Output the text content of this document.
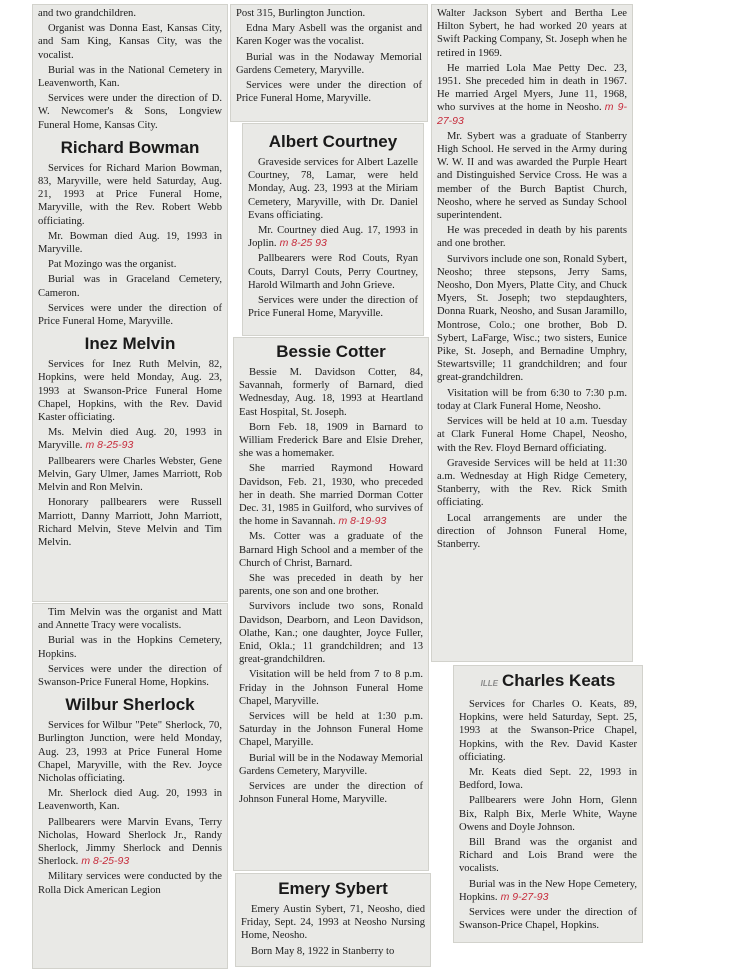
and two grandchildren.

Organist was Donna East, Kansas City, and Sam King, Kansas City, was the vocalist.

Burial was in the National Cemetery in Leavenworth, Kan.

Services were under the direction of D. W. Newcomer's & Sons, Longview Funeral Home, Kansas City.

Richard Bowman

Services for Richard Marion Bowman, 83, Maryville, were held Saturday, Aug. 21, 1993 at Price Funeral Home, Maryville, with the Rev. Robert Webb officiating.

Mr. Bowman died Aug. 19, 1993 in Maryville.

Pat Mozingo was the organist.

Burial was in Graceland Cemetery, Cameron.

Services were under the direction of Price Funeral Home, Maryville.

Inez Melvin

Services for Inez Ruth Melvin, 82, Hopkins, were held Monday, Aug. 23, 1993 at Swanson-Price Funeral Home Chapel, Hopkins, with the Rev. David Kaster officiating.

Ms. Melvin died Aug. 20, 1993 in Maryville. m 8-25-93

Pallbearers were Charles Webster, Gene Melvin, Gary Ulmer, James Marriott, Rob Melvin and Ron Melvin.

Honorary pallbearers were Russell Marriott, Danny Marriott, John Marriott, Richard Melvin, Steve Melvin and Tim Melvin.

Tim Melvin was the organist and Matt and Annette Tracy were vocalists.

Burial was in the Hopkins Cemetery, Hopkins.

Services were under the direction of Swanson-Price Funeral Home, Hopkins.

Wilbur Sherlock

Services for Wilbur "Pete" Sherlock, 70, Burlington Junction, were held Monday, Aug. 23, 1993 at Price Funeral Home Chapel, Maryville, with the Rev. Joyce Nicholas officiating.

Mr. Sherlock died Aug. 20, 1993 in Leavenworth, Kan.

Pallbearers were Marvin Evans, Terry Nicholas, Howard Sherlock Jr., Randy Sherlock, Jimmy Sherlock and Dennis Sherlock. m 8-25-93

Military services were conducted by the Rolla Dick American Legion

Post 315, Burlington Junction.

Edna Mary Asbell was the organist and Karen Koger was the vocalist.

Burial was in the Nodaway Memorial Gardens Cemetery, Maryville.

Services were under the direction of Price Funeral Home, Maryville.

Albert Courtney

Graveside services for Albert Lazelle Courtney, 78, Lamar, were held Monday, Aug. 23, 1993 at the Miriam Cemetery, Maryville, with Dr. Daniel Evans officiating.

Mr. Courtney died Aug. 17, 1993 in Joplin. m 8-25 93

Pallbearers were Rod Couts, Ryan Couts, Darryl Couts, Perry Courtney, Harold Wilmarth and John Grieve.

Services were under the direction of Price Funeral Home, Maryville.

Bessie Cotter

Bessie M. Davidson Cotter, 84, Savannah, formerly of Barnard, died Wednesday, Aug. 18, 1993 at Heartland East Hospital, St. Joseph.

Born Feb. 18, 1909 in Barnard to William Frederick Bare and Elsie Dreher, she was a homemaker.

She married Raymond Howard Davidson, Feb. 21, 1930, who preceded her in death. She married Dorman Cotter Dec. 31, 1985 in Guilford, who survives of the home in Savannah. m 8-19-93

Ms. Cotter was a graduate of the Barnard High School and a member of the Church of Christ, Barnard.

She was preceded in death by her parents, one son and one brother.

Survivors include two sons, Ronald Davidson, Dearborn, and Leon Davidson, Olathe, Kan.; one daughter, Joyce Fuller, Enid, Okla.; 11 grandchildren; and 13 great-grandchildren.

Visitation will be held from 7 to 8 p.m. Friday in the Johnson Funeral Home Chapel, Maryville.

Services will be held at 1:30 p.m. Saturday in the Johnson Funeral Home Chapel, Maryille.

Burial will be in the Nodaway Memorial Gardens Cemetery, Maryville.

Services are under the direction of Johnson Funeral Home, Maryville.

Emery Sybert

Emery Austin Sybert, 71, Neosho, died Friday, Sept. 24, 1993 at Neosho Nursing Home, Neosho.

Born May 8, 1922 in Stanberry to

Walter Jackson Sybert and Bertha Lee Hilton Sybert, he had worked 20 years at Swift Packing Company, St. Joseph when he retired in 1969.

He married Lola Mae Petty Dec. 23, 1951. She preceded him in death in 1967. He married Argel Myers, June 11, 1968, who survives at the home in Neosho. m 9-27-93

Mr. Sybert was a graduate of Stanberry High School. He served in the Army during W. W. II and was awarded the Purple Heart and Distinguished Service Cross. He was a member of the Burch Baptist Church, Neosho, where he served as Sunday School superintendent.

He was preceded in death by his parents and one brother.

Survivors include one son, Ronald Sybert, Neosho; three stepsons, Jerry Sams, Neosho, Don Myers, Platte City, and Chuck Myers, St. Joseph; two stepdaughters, Donna Ruark, Neosho, and Susan Jaramillo, Montrose, Colo.; one brother, Bob D. Sybert, LaFarge, Wisc.; two sisters, Eunice Pike, St. Joseph, and Bernadine Umphry, Stewartsville; 11 grandchildren; and four great-grandchildren.

Visitation will be from 6:30 to 7:30 p.m. today at Clark Funeral Home, Neosho.

Services will be held at 10 a.m. Tuesday at Clark Funeral Home Chapel, Neosho, with the Rev. Floyd Bernard officiating.

Graveside Services will be held at 11:30 a.m. Wednesday at High Ridge Cemetery, Stanberry, with the Rev. Rick Smith officiating.

Local arrangements are under the direction of Johnson Funeral Home, Stanberry.

ILLE Charles Keats

Services for Charles O. Keats, 89, Hopkins, were held Saturday, Sept. 25, 1993 at the Swanson-Price Chapel, Hopkins, with the Rev. David Kaster officiating.

Mr. Keats died Sept. 22, 1993 in Bedford, Iowa.

Pallbearers were John Horn, Glenn Bix, Ralph Bix, Merle White, Wayne Owens and Doyle Johnson.

Bill Brand was the organist and Richard and Lois Brand were the vocalists.

Burial was in the New Hope Cemetery, Hopkins. m 9-27-93

Services were under the direction of Swanson-Price Chapel, Hopkins.
